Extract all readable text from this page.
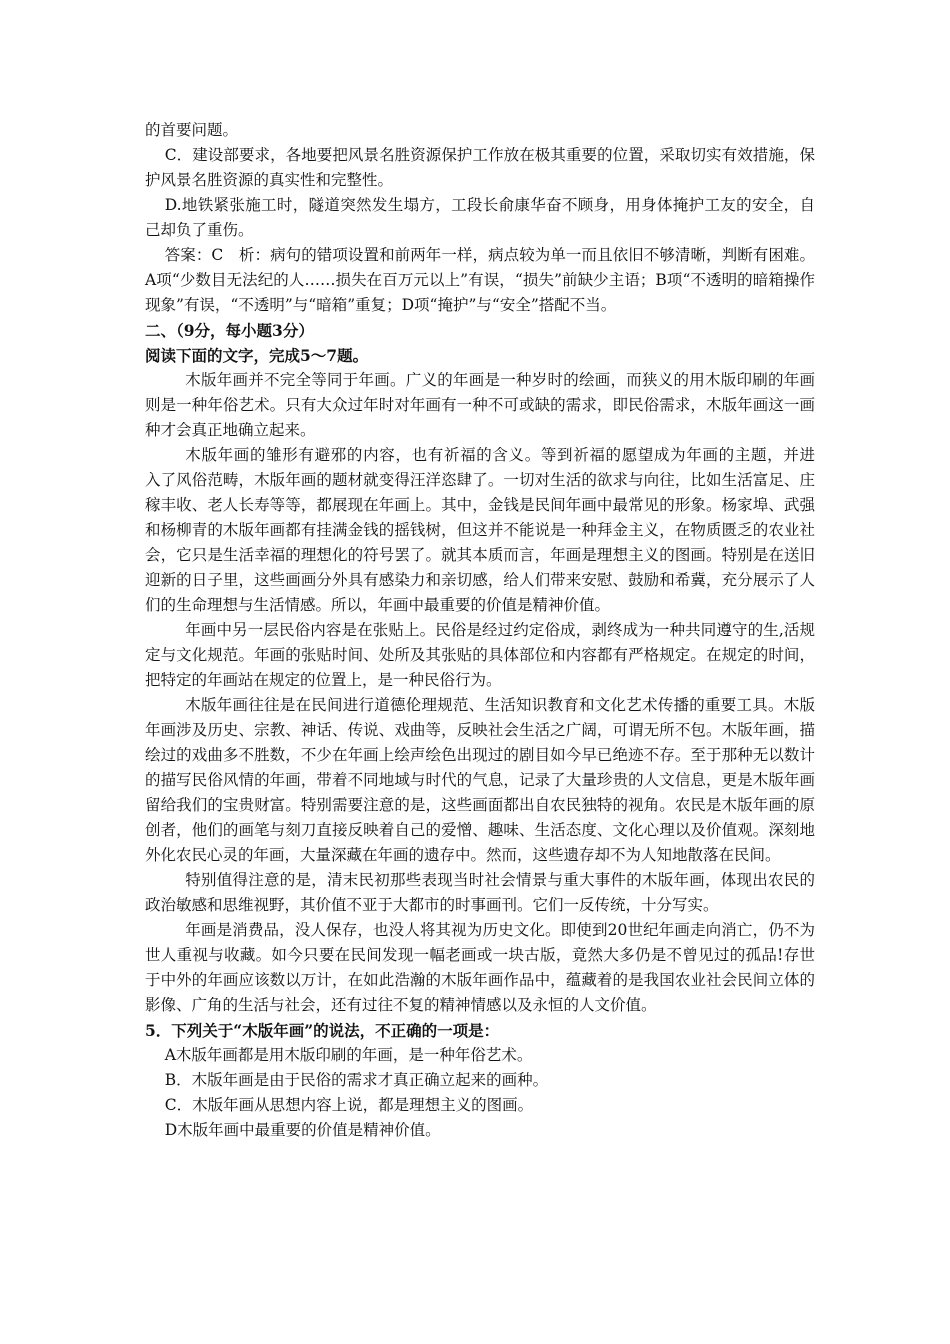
的首要问题。

C．建设部要求，各地要把风景名胜资源保护工作放在极其重要的位置，采取切实有效措施，保护风景名胜资源的真实性和完整性。

D.地铁紧张施工时，隧道突然发生塌方，工段长俞康华奋不顾身，用身体掩护工友的安全，自己却负了重伤。

答案：C　析：病句的错项设置和前两年一样，病点较为单一而且依旧不够清晰，判断有困难。A项“少数目无法纪的人……损失在百万元以上”有误，“损失”前缺少主语；B项“不透明的暗箱操作现象”有误，“不透明”与“暗箱”重复；D项“掩护”与“安全”搭配不当。

二、（9分，每小题3分）

阅读下面的文字，完成5～7题。

木版年画并不完全等同于年画。广义的年画是一种岁时的绘画，而狭义的用木版印刷的年画则是一种年俗艺术。只有大众过年时对年画有一种不可或缺的需求，即民俗需求，木版年画这一画种才会真正地确立起来。

木版年画的雏形有避邪的内容，也有祈福的含义。等到祈福的愿望成为年画的主题，并进　入了风俗范畴，木版年画的题材就变得汪洋恣肆了。一切对生活的欲求与向往，比如生活富足、庄稼丰收、老人长寿等等，都展现在年画上。其中，金钱是民间年画中最常见的形象。杨家埠、武强和杨柳青的木版年画都有挂满金钱的摇钱树，但这并不能说是一种拜金主义，在物质匮乏的农业社会，它只是生活幸福的理想化的符号罢了。就其本质而言，年画是理想主义的图画。特别是在送旧迎新的日子里，这些画画分外具有感染力和亲切感，给人们带来安慰、鼓励和希冀，充分展示了人们的生命理想与生活情感。所以，年画中最重要的价值是精神价值。

年画中另一层民俗内容是在张贴上。民俗是经过约定俗成，剥终成为一种共同遵守的生,活规定与文化规范。年画的张贴时间、处所及其张贴的具体部位和内容都有严格规定。在规定的时间，把特定的年画站在规定的位置上，是一种民俗行为。

木版年画往往是在民间进行道德伦理规范、生活知识教育和文化艺术传播的重要工具。木版年画涉及历史、宗教、神话、传说、戏曲等，反映社会生活之广阔，可谓无所不包。木版年画，描绘过的戏曲多不胜数，不少在年画上绘声绘色出现过的剧目如今早已绝迹不存。至于那种无以数计的描写民俗风情的年画，带着不同地域与时代的气息，记录了大量珍贵的人文信息，更是木版年画留给我们的宝贵财富。特别需要注意的是，这些画面都出自农民独特的视角。农民是木版年画的原创者，他们的画笔与刻刀直接反映着自己的爱憎、趣味、生活态度、文化心理以及价值观。深刻地外化农民心灵的年画，大量深藏在年画的遗存中。然而，这些遗存却不为人知地散落在民间。

特别值得注意的是，清末民初那些表现当时社会情景与重大事件的木版年画，体现出农民的政治敏感和思维视野，其价值不亚于大都市的时事画刊。它们一反传统，十分写实。

年画是消费品，没人保存，也没人将其视为历史文化。即使到20世纪年画走向消亡，仍不为世人重视与收藏。如今只要在民间发现一幅老画或一块古版，竟然大多仍是不曾见过的孤品!存世于中外的年画应该数以万计，在如此浩瀚的木版年画作品中，蕴藏着的是我国农业社会民间立体的影像、广角的生活与社会，还有过往不复的精神情感以及永恒的人文价值。

5．下列关于“木版年画”的说法，不正确的一项是：

A木版年画都是用木版印刷的年画，是一种年俗艺术。

B．木版年画是由于民俗的需求才真正确立起来的画种。

C．木版年画从思想内容上说，都是理想主义的图画。

D木版年画中最重要的价值是精神价值。
